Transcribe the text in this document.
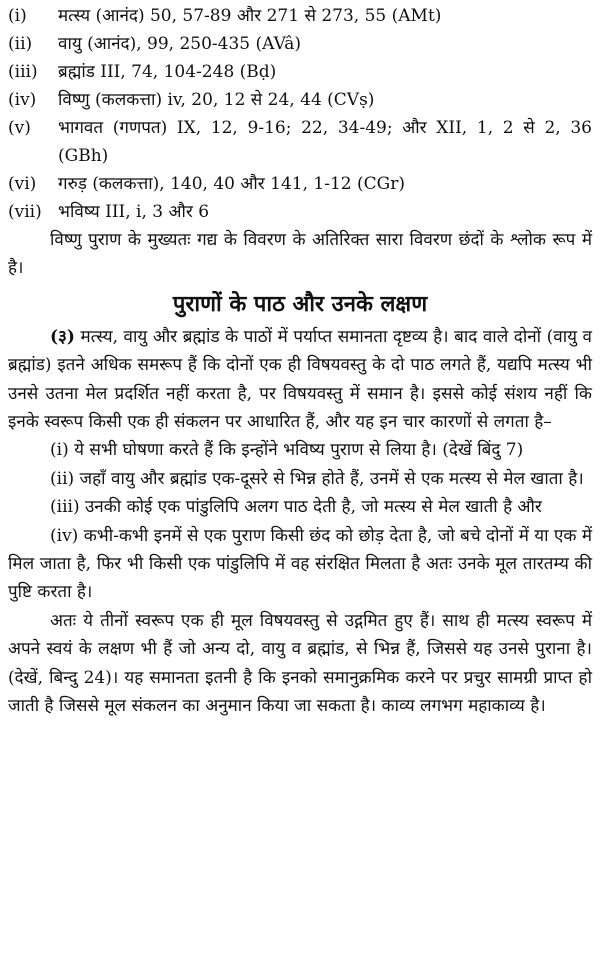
(i)	मत्स्य (आनंद) 50, 57-89 और 271 से 273, 55 (AMt)
(ii)	वायु (आनंद), 99, 250-435 (AVâ)
(iii)	ब्रह्मांड III, 74, 104-248 (Bḍ)
(iv)	विष्णु (कलकत्ता) iv, 20, 12 से 24, 44 (CVṣ)
(v)	भागवत (गणपत) IX, 12, 9-16; 22, 34-49; और XII, 1, 2 से 2, 36 (GBh)
(vi)	गरुड़ (कलकत्ता), 140, 40 और 141, 1-12 (CGr)
(vii) भविष्य III, i, 3 और 6

विष्णु पुराण के मुख्यतः गद्य के विवरण के अतिरिक्त सारा विवरण छंदों के श्लोक रूप में है।

पुराणों के पाठ और उनके लक्षण

(३) मत्स्य, वायु और ब्रह्मांड के पाठों में पर्याप्त समानता दृष्टव्य है। बाद वाले दोनों (वायु व ब्रह्मांड) इतने अधिक समरूप हैं कि दोनों एक ही विषयवस्तु के दो पाठ लगते हैं, यद्यपि मत्स्य भी उनसे उतना मेल प्रदर्शित नहीं करता है, पर विषयवस्तु में समान है। इससे कोई संशय नहीं कि इनके स्वरूप किसी एक ही संकलन पर आधारित हैं, और यह इन चार कारणों से लगता है–

(i) ये सभी घोषणा करते हैं कि इन्होंने भविष्य पुराण से लिया है। (देखें बिंदु 7)

(ii) जहाँ वायु और ब्रह्मांड एक-दूसरे से भिन्न होते हैं, उनमें से एक मत्स्य से मेल खाता है।

(iii) उनकी कोई एक पांडुलिपि अलग पाठ देती है, जो मत्स्य से मेल खाती है और

(iv) कभी-कभी इनमें से एक पुराण किसी छंद को छोड़ देता है, जो बचे दोनों में या एक में मिल जाता है, फिर भी किसी एक पांडुलिपि में वह संरक्षित मिलता है अतः उनके मूल तारतम्य की पुष्टि करता है।

अतः ये तीनों स्वरूप एक ही मूल विषयवस्तु से उद्गमित हुए हैं। साथ ही मत्स्य स्वरूप में अपने स्वयं के लक्षण भी हैं जो अन्य दो, वायु व ब्रह्मांड, से भिन्न हैं, जिससे यह उनसे पुराना है। (देखें, बिन्दु 24)। यह समानता इतनी है कि इनको समानुक्रमिक करने पर प्रचुर सामग्री प्राप्त हो जाती है जिससे मूल संकलन का अनुमान किया जा सकता है। काव्य लगभग महाकाव्य है।
